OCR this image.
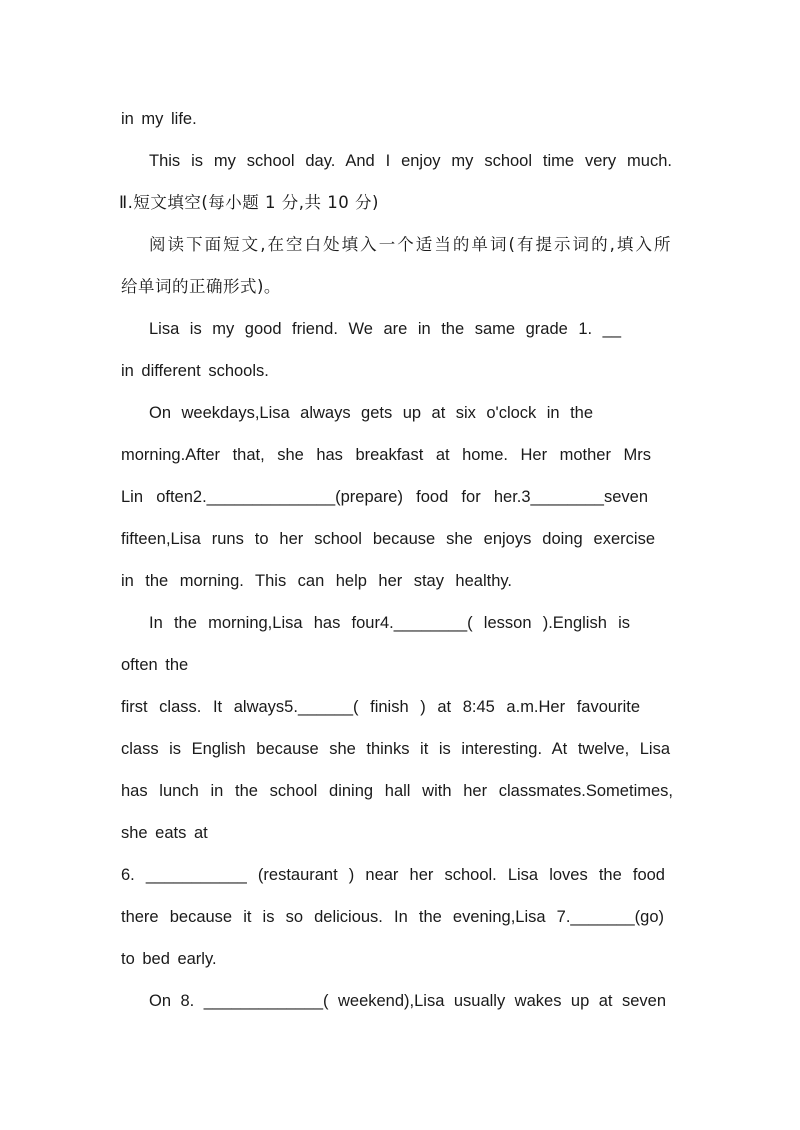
in my life.
This is my school day. And I enjoy my school time very much.
Ⅱ.短文填空(每小题 1 分,共 10 分)
阅读下面短文,在空白处填入一个适当的单词(有提示词的,填入所
给单词的正确形式)。
Lisa is my good friend. We are in the same grade 1. __
in different schools.
On weekdays,Lisa always gets up at six o'clock in the
morning.After that, she has breakfast at home. Her mother Mrs
Lin often2.______________(prepare) food for her.3________seven
fifteen,Lisa runs to her school because she enjoys doing exercise
in the morning. This can help her stay healthy.
In the morning,Lisa has four4.________( lesson ).English is
often the
first class. It always5.______( finish ) at 8:45 a.m.Her favourite
class is English because she thinks it is interesting. At twelve, Lisa
has lunch in the school dining hall with her classmates.Sometimes,
she eats at
6. ___________ (restaurant ) near her school. Lisa loves the food
there because it is so delicious. In the evening,Lisa 7._______(go)
to bed early.
On 8. _____________( weekend),Lisa usually wakes up at seven
